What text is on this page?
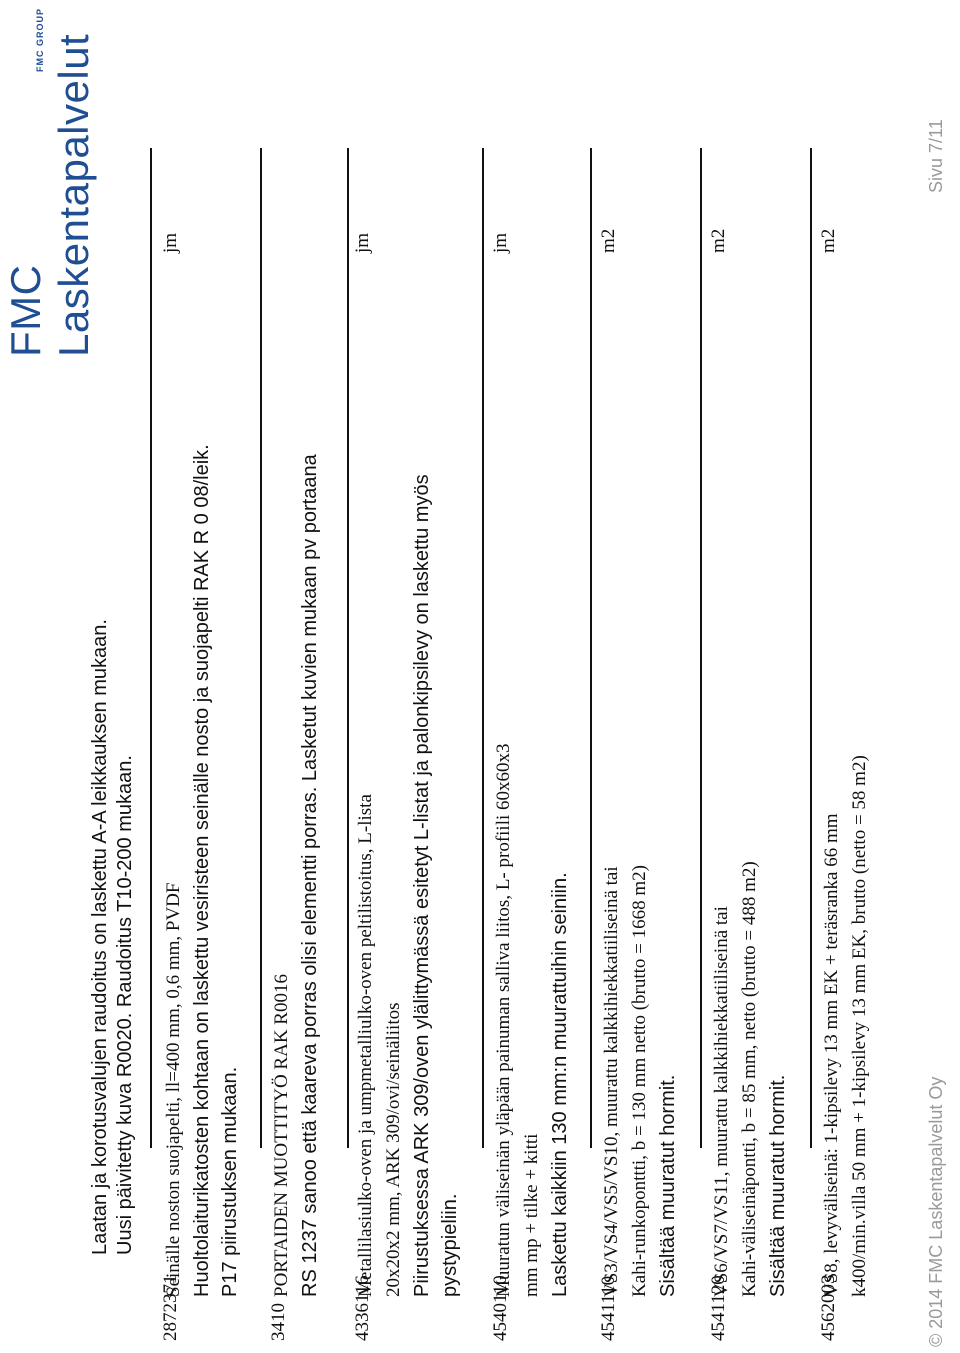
FMC Laskentapalvelut
FMC GROUP
Laatan ja korotusvalujen raudoitus on laskettu A-A leikkauksen mukaan. Uusi päivitetty kuva R0020. Raudoitus T10-200 mukaan.
2872371
jm
Seinälle noston suojapelti, ll=400 mm, 0,6 mm, PVDF Huoltolaiturikatosten kohtaan on laskettu vesiristeen seinälle nosto ja suojapelti RAK R 0 08/leik. P17 piirustuksen mukaan.
3410
PORTAIDEN MUOTTITYÖ RAK R0016 RS 1237 sanoo että kaareva porras olisi elementti porras. Lasketut kuvien mukaan pv portaana
4336116
jm
Metallilasiulko-oven ja umpmetalliulko-oven peltilistoitus, L-lista 20x20x2 mm, ARK 309/ovi/seinäliitos Piirustuksessa ARK 309/oven ylälittymässä esitetyt L-listat ja palonkipsilevy on laskettu myös pystypieliin.
4540110
jm
Muuratun väliseinän yläpään painuman salliva liitos, L- profiili 60x60x3 mm mp + tilke + kitti Laskettu kaikkiin 130 mm:n muurattuihin seiniin.
4541110
m2
VS3/VS4/VS5/VS10, muurattu kalkkihiekkatiiliseinä tai Kahi-runkoponttti, b = 130 mm netto (brutto = 1668 m2) Sisältää muuratut hormit.
4541120
m2
VS6/VS7/VS11, muurattu kalkkihiekkatiiliseinä tai Kahi-väliseinäpontti, b = 85 mm, netto (brutto = 488 m2) Sisältää muuratut hormit.
4562003
m2
VS8, levyväliseinä: 1-kipsilevy 13 mm EK + teräsranka 66 mm k400/min.villa 50 mm + 1-kipsilevy 13 mm EK, brutto (netto = 58 m2)	© 2014 FMC Laskentapalvelut Oy
Sivu 7/11
